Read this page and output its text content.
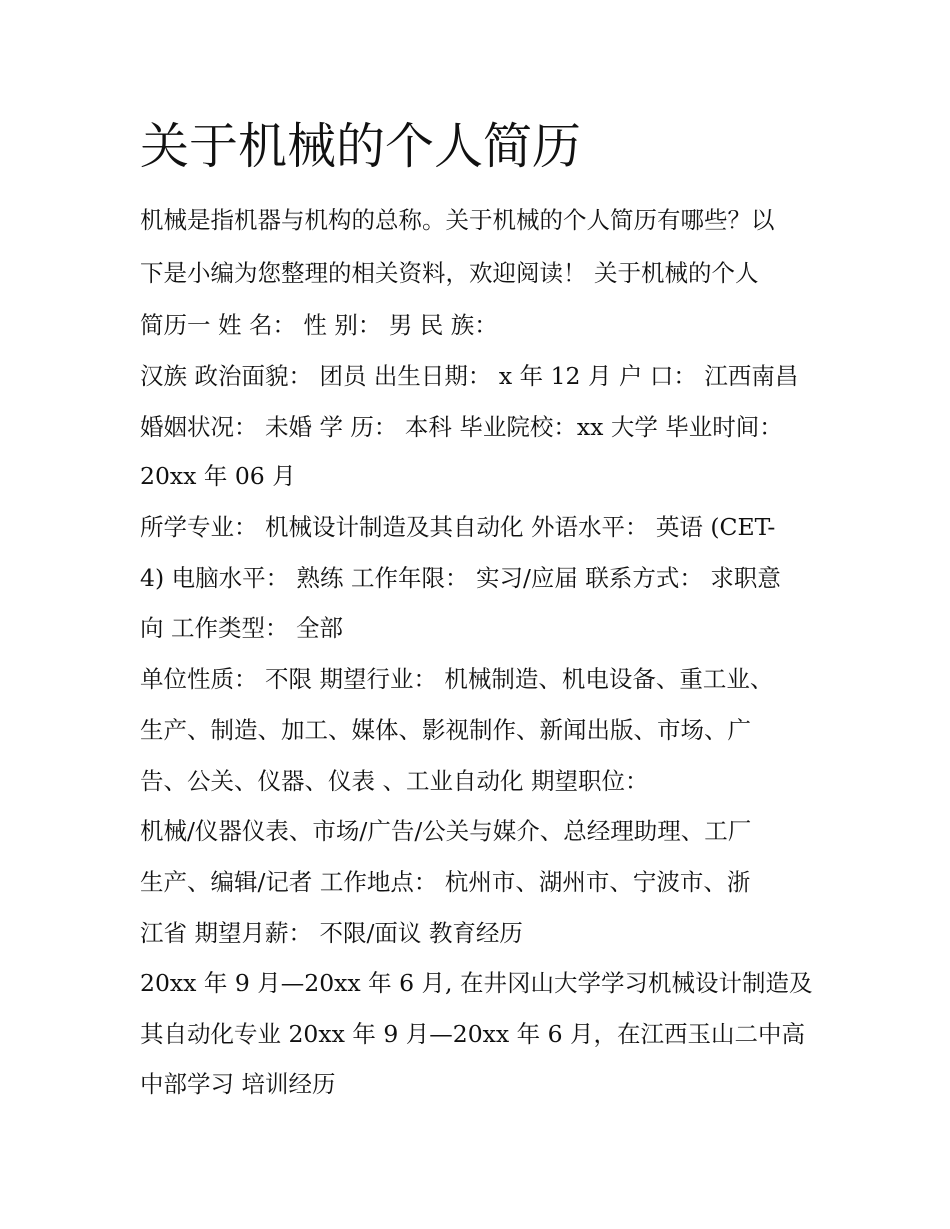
关于机械的个人简历

机械是指机器与机构的总称。关于机械的个人简历有哪些？以

下是小编为您整理的相关资料，欢迎阅读！ 关于机械的个人

简历一 姓 名： 性 别： 男 民 族：

汉族 政治面貌： 团员 出生日期： x 年 12 月 户 口： 江西南昌

婚姻状况： 未婚 学 历： 本科 毕业院校：xx 大学 毕业时间：

20xx 年 06 月

所学专业： 机械设计制造及其自动化 外语水平： 英语 (CET-

4) 电脑水平： 熟练 工作年限： 实习/应届 联系方式： 求职意

向 工作类型： 全部

单位性质： 不限 期望行业： 机械制造、机电设备、重工业、

生产、制造、加工、媒体、影视制作、新闻出版、市场、广

告、公关、仪器、仪表 、工业自动化 期望职位：

机械/仪器仪表、市场/广告/公关与媒介、总经理助理、工厂

生产、编辑/记者 工作地点： 杭州市、湖州市、宁波市、浙

江省 期望月薪： 不限/面议 教育经历

20xx 年 9 月—20xx 年 6 月, 在井冈山大学学习机械设计制造及

其自动化专业 20xx 年 9 月—20xx 年 6 月，在江西玉山二中高

中部学习 培训经历
